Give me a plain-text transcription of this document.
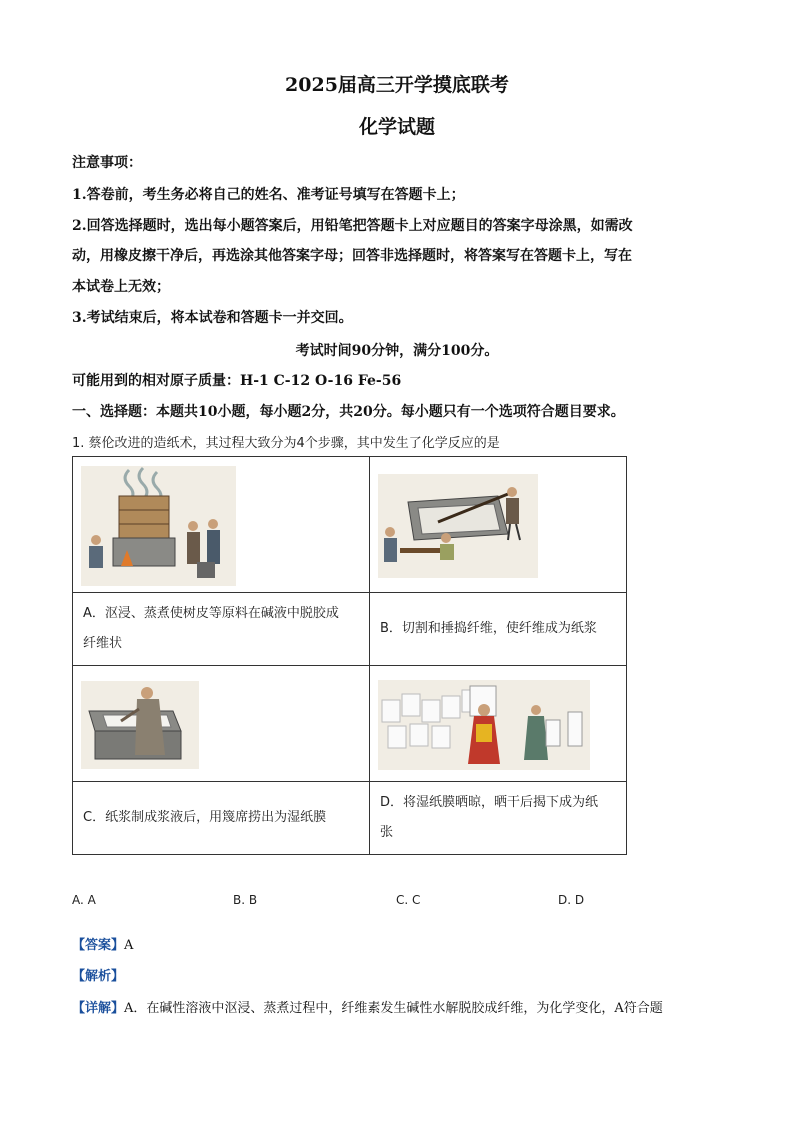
2025届高三开学摸底联考
化学试题
注意事项：
1.答卷前，考生务必将自己的姓名、准考证号填写在答题卡上；
2.回答选择题时，选出每小题答案后，用铅笔把答题卡上对应题目的答案字母涂黑，如需改
动，用橡皮擦干净后，再选涂其他答案字母；回答非选择题时，将答案写在答题卡上，写在
本试卷上无效；
3.考试结束后，将本试卷和答题卡一并交回。
考试时间90分钟，满分100分。
可能用到的相对原子质量：H-1 C-12 O-16 Fe-56
一、选择题：本题共10小题，每小题2分，共20分。每小题只有一个选项符合题目要求。
1. 蔡伦改进的造纸术，其过程大致分为4个步骤，其中发生了化学反应的是

A．沤浸、蒸煮使树皮等原料在碱液中脱胶成
纤维状	B．切割和捶捣纤维，使纤维成为纸浆

C．纸浆制成浆液后，用篾席捞出为湿纸膜	D．将湿纸膜晒晾，晒干后揭下成为纸
张
A. A	B. B	C. C	D. D
【答案】A
【解析】
【详解】A．在碱性溶液中沤浸、蒸煮过程中，纤维素发生碱性水解脱胶成纤维，为化学变化，A符合题
